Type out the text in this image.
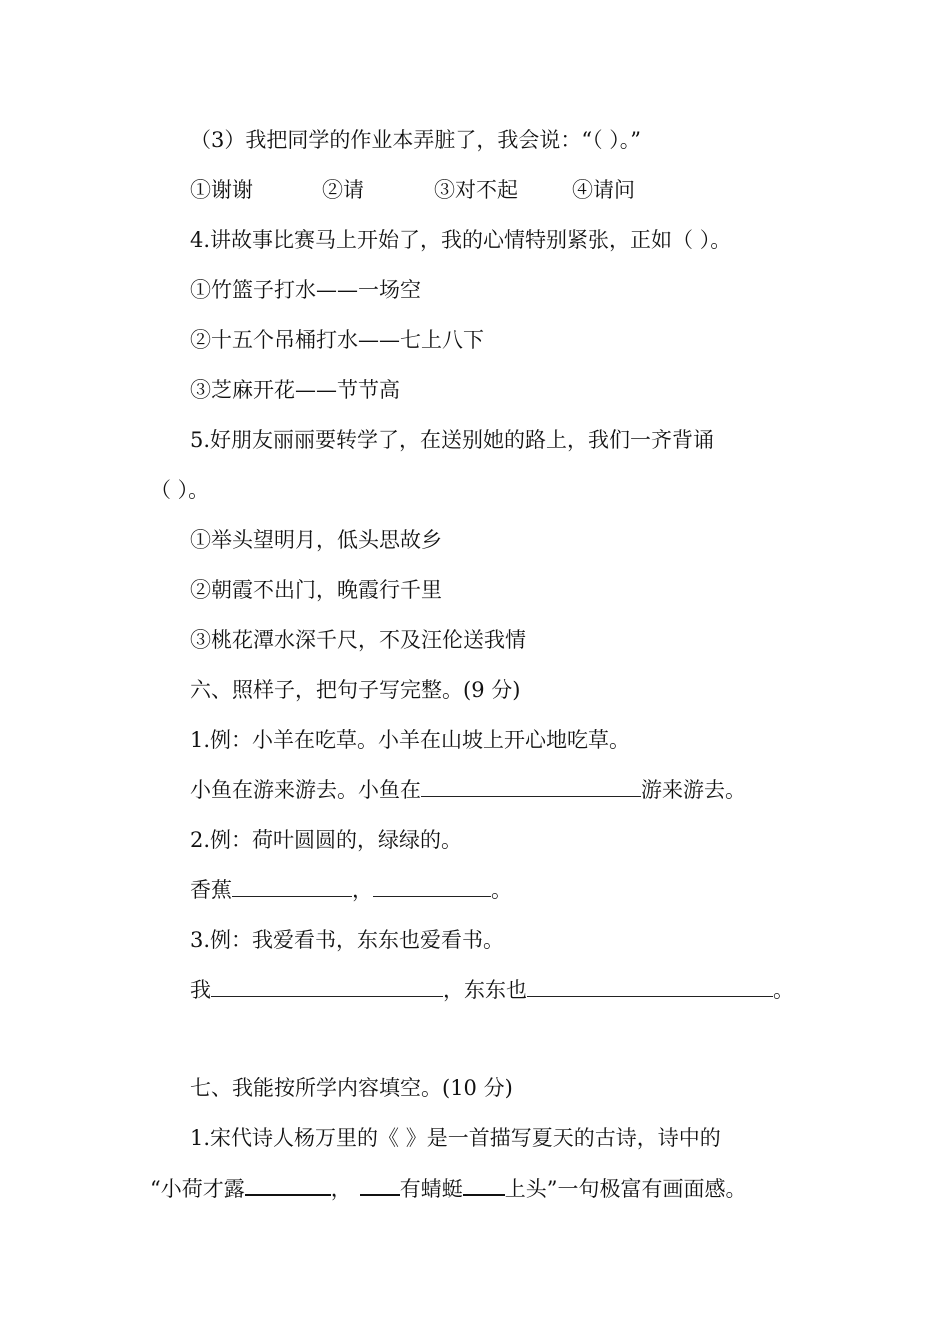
（3）我把同学的作业本弄脏了，我会说：“（ ）。”
①谢谢	②请	③对不起	④请问
4.讲故事比赛马上开始了，我的心情特别紧张，正如（ ）。
①竹篮子打水——一场空
②十五个吊桶打水——七上八下
③芝麻开花——节节高
5.好朋友丽丽要转学了，在送别她的路上，我们一齐背诵
（ ）。
①举头望明月，低头思故乡
②朝霞不出门，晚霞行千里
③桃花潭水深千尺，不及汪伦送我情
六、照样子，把句子写完整。(9 分)
1.例：小羊在吃草。小羊在山坡上开心地吃草。
小鱼在游来游去。小鱼在	游来游去。
2.例：荷叶圆圆的，绿绿的。
香蕉	，	。
3.例：我爱看书，东东也爱看书。
我	，东东也	。
七、我能按所学内容填空。(10 分)
1.宋代诗人杨万里的《 》是一首描写夏天的古诗，诗中的
“小荷才露	， 有蜻蜓 上头”一句极富有画面感。
